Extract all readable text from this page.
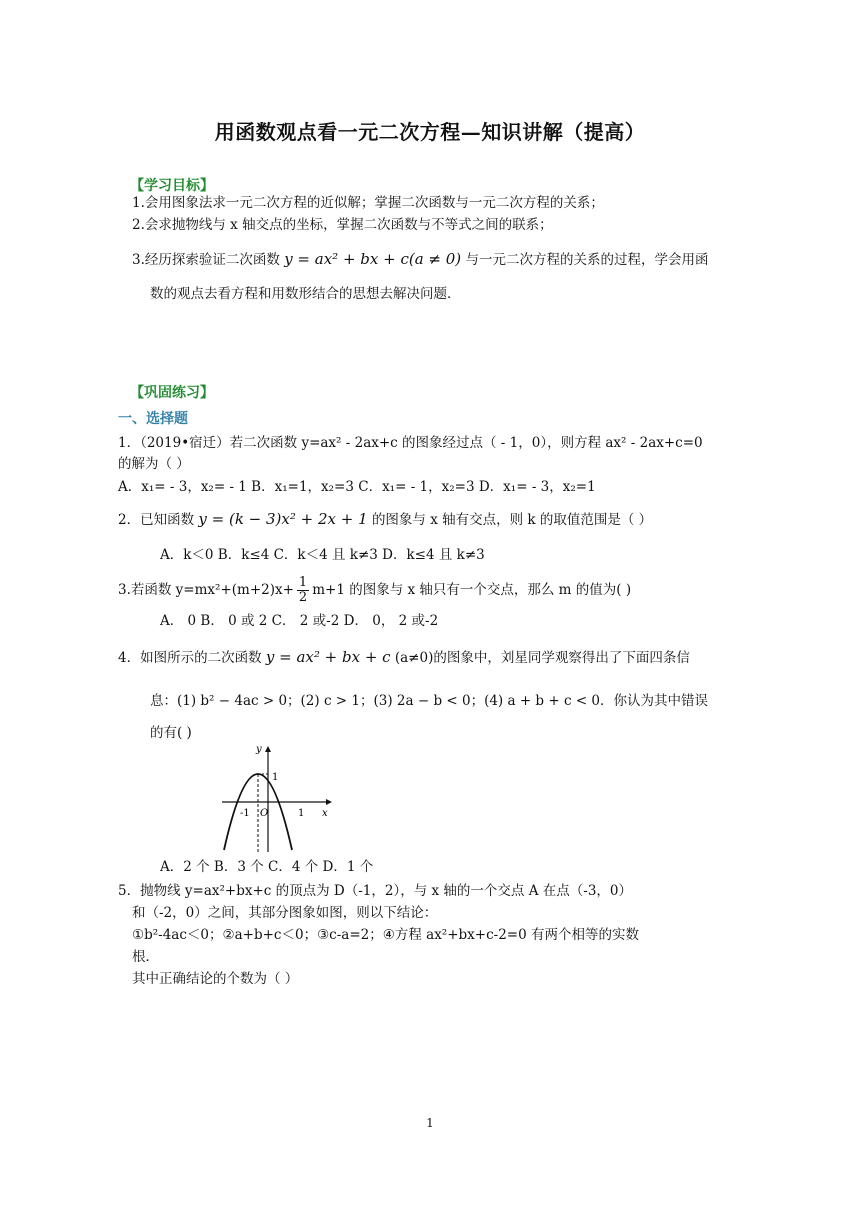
用函数观点看一元二次方程—知识讲解（提高）
【学习目标】
1.会用图象法求一元二次方程的近似解；掌握二次函数与一元二次方程的关系；
2.会求抛物线与 x 轴交点的坐标，掌握二次函数与不等式之间的联系；
3.经历探索验证二次函数 y = ax² + bx + c(a ≠ 0) 与一元二次方程的关系的过程，学会用函
数的观点去看方程和用数形结合的思想去解决问题．
【巩固练习】
一、选择题
1．（2019•宿迁）若二次函数 y=ax² - 2ax+c 的图象经过点（ - 1，0），则方程 ax² - 2ax+c=0
的解为（ ）
A．x₁= - 3，x₂= - 1 B．x₁=1，x₂=3 C．x₁= - 1，x₂=3 D．x₁= - 3，x₂=1
2．已知函数 y = (k − 3)x² + 2x + 1 的图象与 x 轴有交点，则 k 的取值范围是（ ）
A．k＜0 B．k≤4 C．k＜4 且 k≠3 D．k≤4 且 k≠3
3.若函数 $y=mx^2+(m+2)x+ \frac{1}{2} m+1$ 的图象与 x 轴只有一个交点，那么 m 的值为( )
A． 0 B． 0 或 2 C． 2 或-2 D． 0， 2 或-2
4．如图所示的二次函数 y = ax² + bx + c (a≠0)的图象中，刘星同学观察得出了下面四条信
息：(1) b² − 4ac > 0；(2) c > 1；(3) 2a − b < 0；(4) a + b + c < 0．你认为其中错误
的有( )
y
x
O
-1	1
1
A．2 个 B．3 个 C．4 个 D．1 个
5．抛物线 y=ax²+bx+c 的顶点为 D（-1，2），与 x 轴的一个交点 A 在点（-3，0）
和（-2，0）之间，其部分图象如图，则以下结论：
①b²-4ac＜0；②a+b+c＜0；③c-a=2；④方程 ax²+bx+c-2=0 有两个相等的实数
根．
其中正确结论的个数为（ ）
1
